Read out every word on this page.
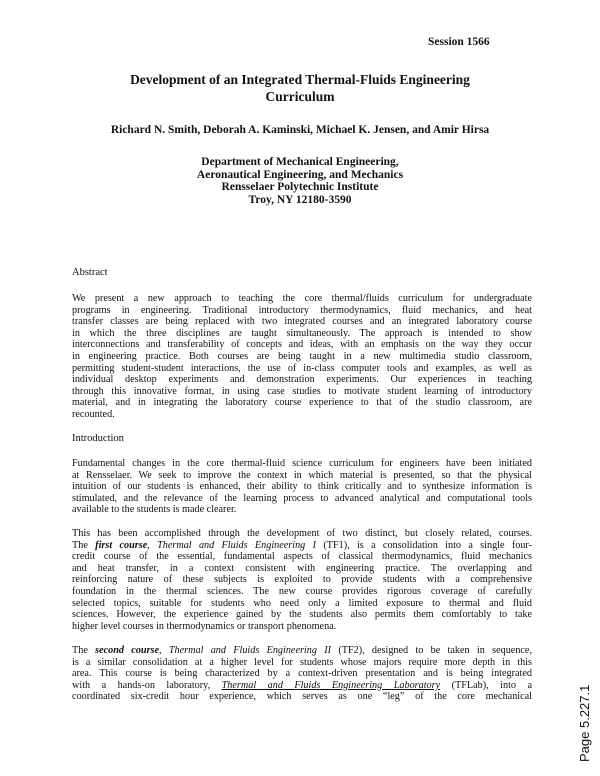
Session 1566
Development of an Integrated Thermal-Fluids Engineering
Curriculum
Richard N. Smith, Deborah A. Kaminski, Michael K. Jensen, and Amir Hirsa
Department of Mechanical Engineering,
Aeronautical Engineering, and Mechanics
Rensselaer Polytechnic Institute
Troy, NY 12180-3590
Abstract
We present a new approach to teaching the core thermal/fluids curriculum for undergraduate
programs in engineering. Traditional introductory thermodynamics, fluid mechanics, and heat
transfer classes are being replaced with two integrated courses and an integrated laboratory course
in which the three disciplines are taught simultaneously. The approach is intended to show
interconnections and transferability of concepts and ideas, with an emphasis on the way they occur
in engineering practice. Both courses are being taught in a new multimedia studio classroom,
permitting student-student interactions, the use of in-class computer tools and examples, as well as
individual desktop experiments and demonstration experiments. Our experiences in teaching
through this innovative format, in using case studies to motivate student learning of introductory
material, and in integrating the laboratory course experience to that of the studio classroom, are
recounted.
Introduction
Fundamental changes in the core thermal-fluid science curriculum for engineers have been initiated
at Rensselaer. We seek to improve the context in which material is presented, so that the physical
intuition of our students is enhanced, their ability to think critically and to synthesize information is
stimulated, and the relevance of the learning process to advanced analytical and computational tools
available to the students is made clearer.
This has been accomplished through the development of two distinct, but closely related, courses.
The first course, Thermal and Fluids Engineering I (TF1), is a consolidation into a single four-
credit course of the essential, fundamental aspects of classical thermodynamics, fluid mechanics
and heat transfer, in a context consistent with engineering practice. The overlapping and
reinforcing nature of these subjects is exploited to provide students with a comprehensive
foundation in the thermal sciences. The new course provides rigorous coverage of carefully
selected topics, suitable for students who need only a limited exposure to thermal and fluid
sciences. However, the experience gained by the students also permits them comfortably to take
higher level courses in thermodynamics or transport phenomena.
The second course, Thermal and Fluids Engineering II (TF2), designed to be taken in sequence,
is a similar consolidation at a higher level for students whose majors require more depth in this
area. This course is being characterized by a context-driven presentation and is being integrated
with a hands-on laboratory, Thermal and Fluids Engineering Laboratory (TFLab), into a
coordinated six-credit hour experience, which serves as one “leg” of the core mechanical	Page 5.227.1
